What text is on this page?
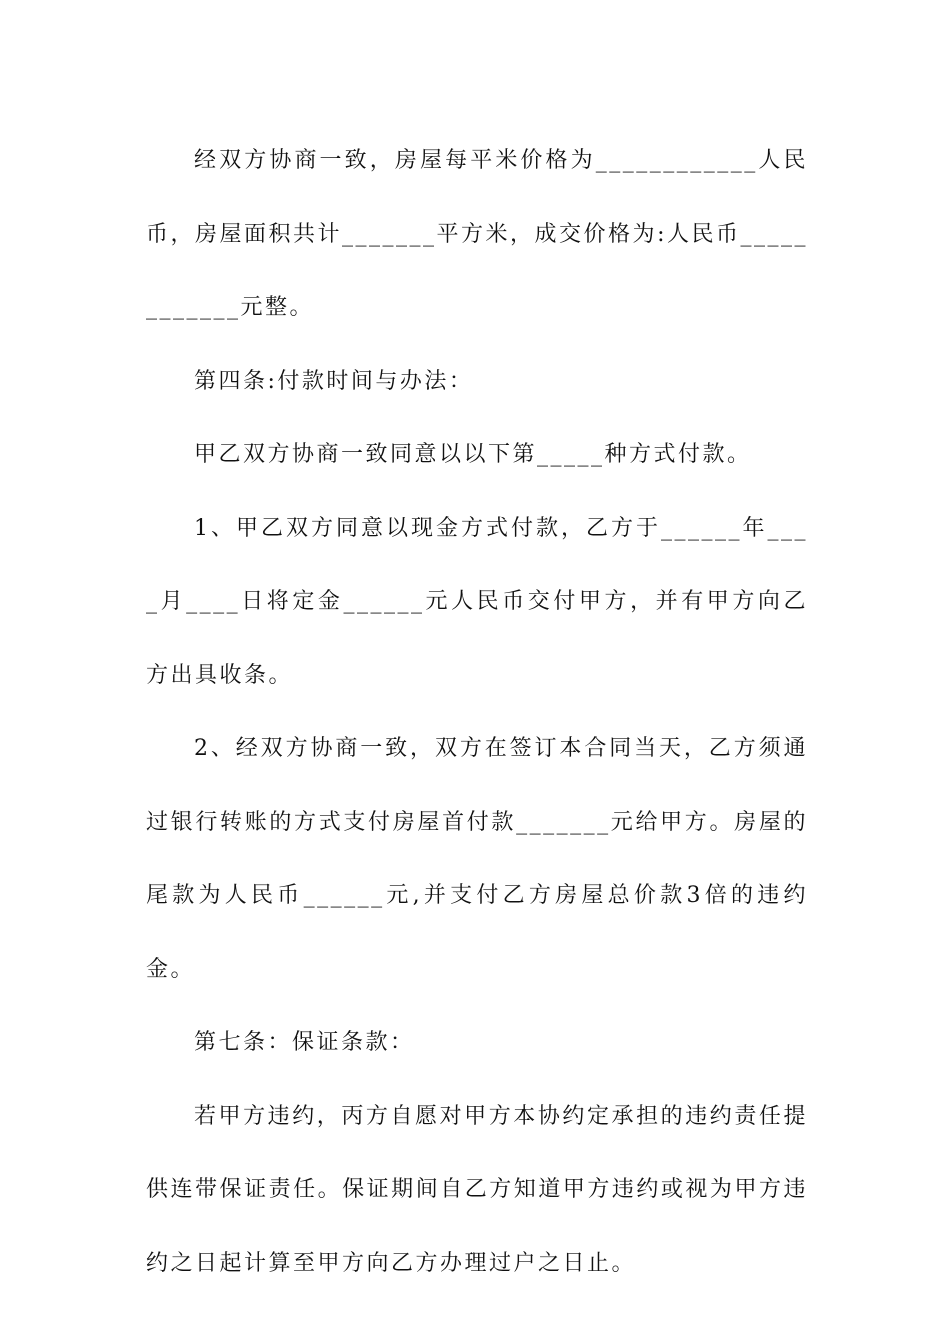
经双方协商一致，房屋每平米价格为____________人民币，房屋面积共计_______平方米，成交价格为:人民币____________元整。

第四条:付款时间与办法：

甲乙双方协商一致同意以以下第_____种方式付款。

1、甲乙双方同意以现金方式付款，乙方于______年____月____日将定金______元人民币交付甲方，并有甲方向乙方出具收条。

2、经双方协商一致，双方在签订本合同当天，乙方须通过银行转账的方式支付房屋首付款_______元给甲方。房屋的尾款为人民币______元,并支付乙方房屋总价款3倍的违约金。

第七条：保证条款：

若甲方违约，丙方自愿对甲方本协约定承担的违约责任提供连带保证责任。保证期间自乙方知道甲方违约或视为甲方违约之日起计算至甲方向乙方办理过户之日止。
